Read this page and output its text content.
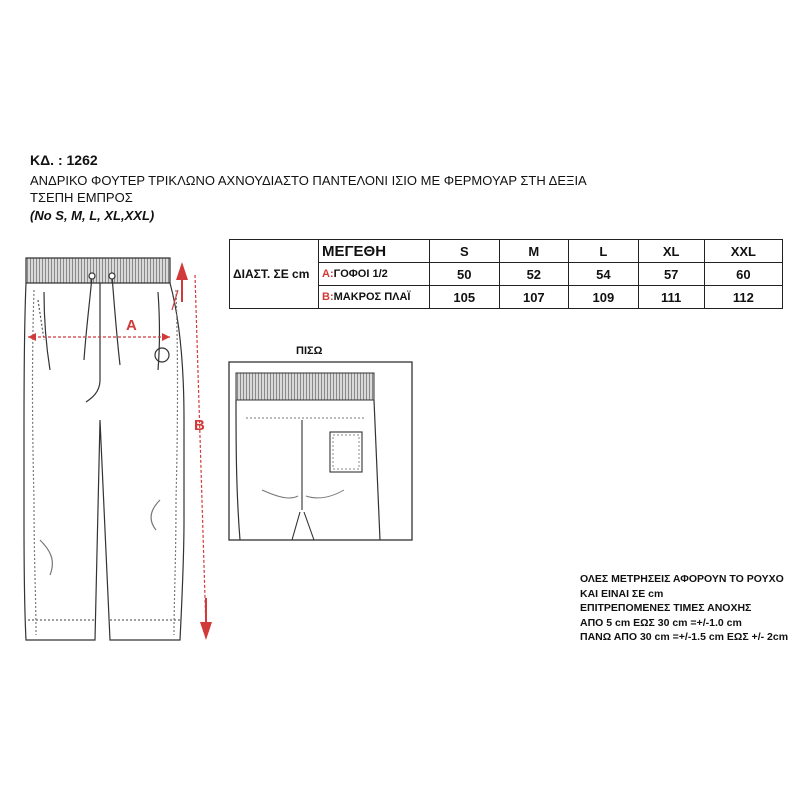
ΚΔ. : 1262

ΑΝΔΡΙΚΟ ΦΟΥΤΕΡ ΤΡΙΚΛΩΝΟ ΑΧΝΟΥΔΙΑΣΤΟ ΠΑΝΤΕΛΟΝΙ ΙΣΙΟ ΜΕ ΦΕΡΜΟΥΑΡ ΣΤΗ ΔΕΞΙΑ

ΤΣΕΠΗ ΕΜΠΡΟΣ

(No S, M, L, XL,XXL)

ΔΙΑΣΤ. ΣΕ cm	ΜΕΓΕΘΗ	S	M	L	XL	XXL
	A:ΓΟΦΟΙ 1/2	50	52	54	57	60
	B:ΜΑΚΡΟΣ ΠΛΑΪ	105	107	109	111	112
A
B
ΠΙΣΩ
ΟΛΕΣ ΜΕΤΡΗΣΕΙΣ ΑΦΟΡΟΥΝ ΤΟ ΡΟΥΧΟ
ΚΑΙ ΕΙΝΑΙ ΣΕ cm
ΕΠΙΤΡΕΠΟΜΕΝΕΣ ΤΙΜΕΣ ΑΝΟΧΗΣ
ΑΠΟ 5 cm ΕΩΣ 30 cm =+/-1.0 cm
ΠΑΝΩ ΑΠΟ 30 cm =+/-1.5 cm ΕΩΣ +/- 2cm
